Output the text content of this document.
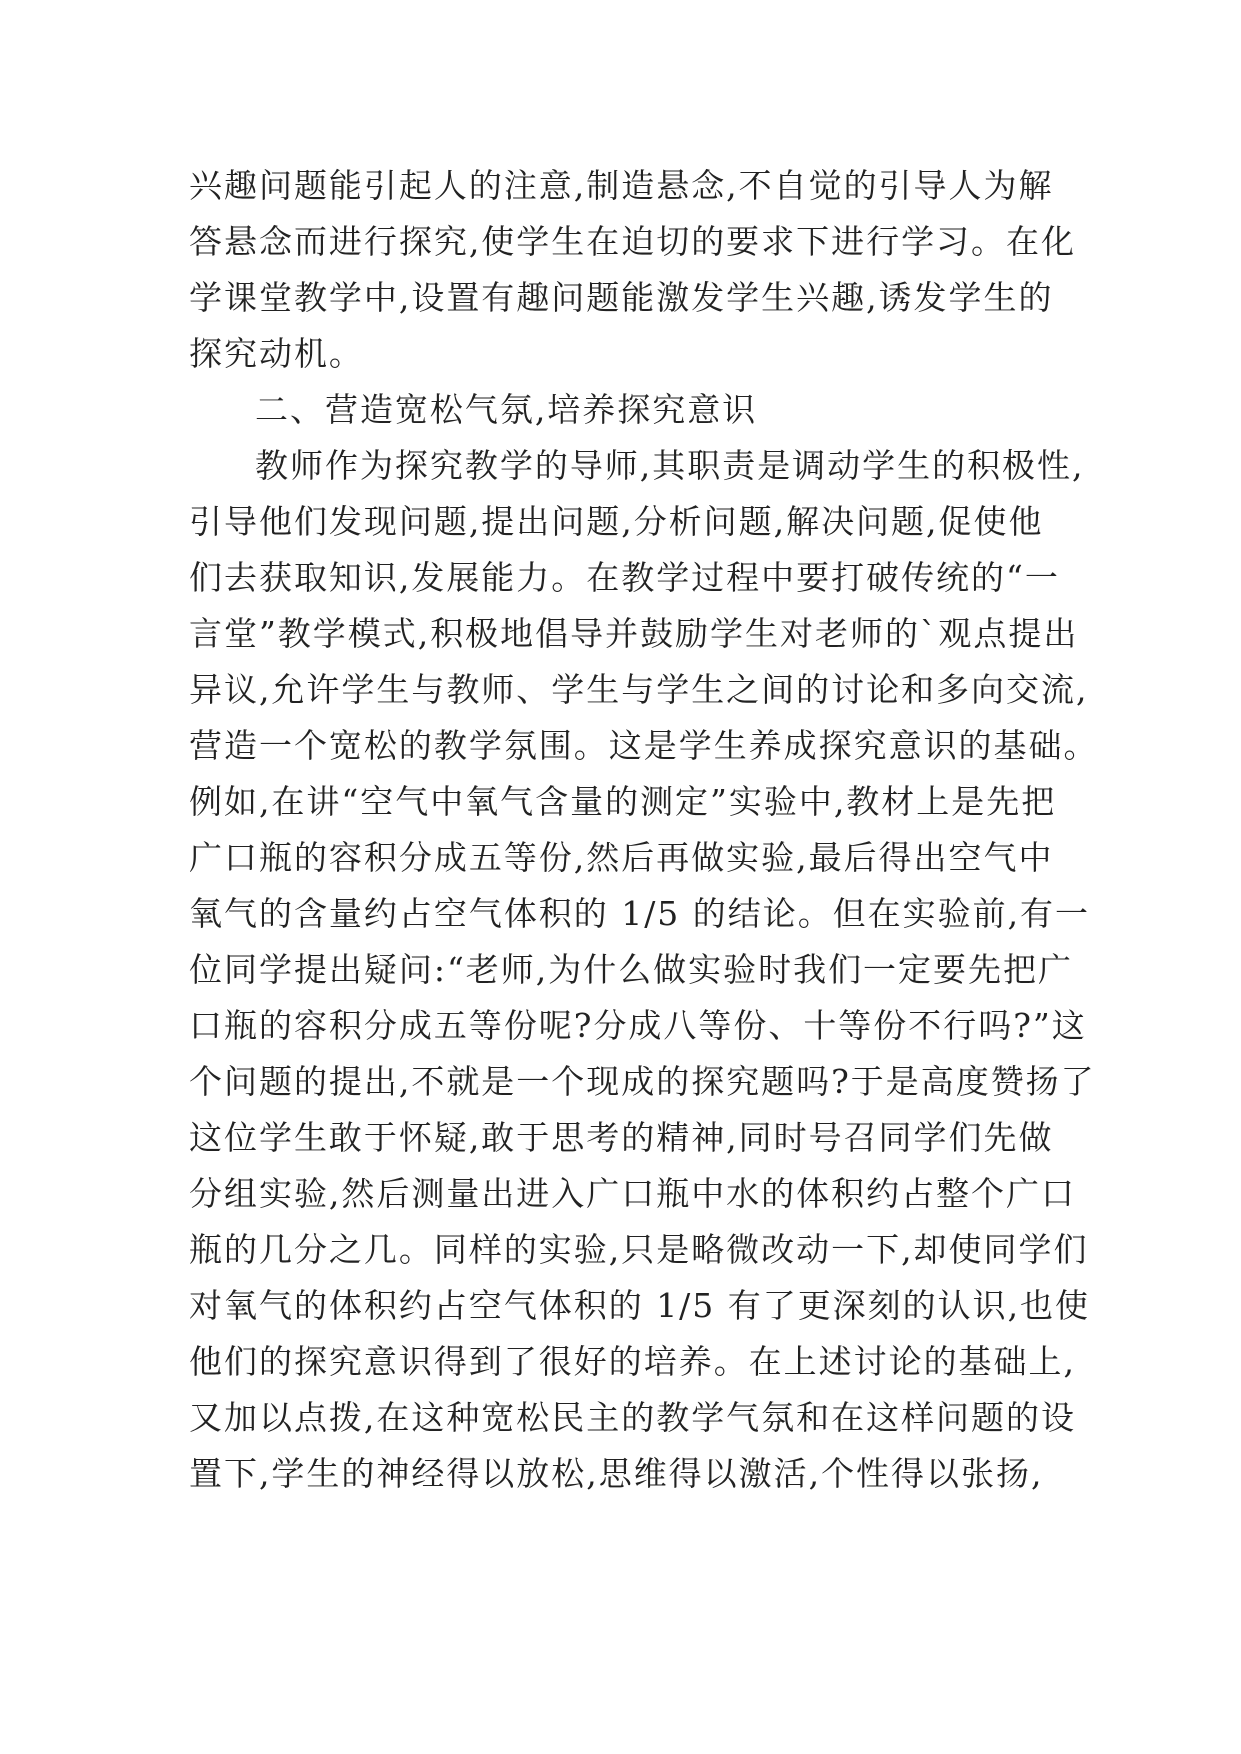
兴趣问题能引起人的注意,制造悬念,不自觉的引导人为解
答悬念而进行探究,使学生在迫切的要求下进行学习。在化
学课堂教学中,设置有趣问题能激发学生兴趣,诱发学生的
探究动机。
二、营造宽松气氛,培养探究意识
教师作为探究教学的导师,其职责是调动学生的积极性,
引导他们发现问题,提出问题,分析问题,解决问题,促使他
们去获取知识,发展能力。在教学过程中要打破传统的“一
言堂”教学模式,积极地倡导并鼓励学生对老师的`观点提出
异议,允许学生与教师、学生与学生之间的讨论和多向交流,
营造一个宽松的教学氛围。这是学生养成探究意识的基础。
例如,在讲“空气中氧气含量的测定”实验中,教材上是先把
广口瓶的容积分成五等份,然后再做实验,最后得出空气中
氧气的含量约占空气体积的 1/5 的结论。但在实验前,有一
位同学提出疑问:“老师,为什么做实验时我们一定要先把广
口瓶的容积分成五等份呢?分成八等份、十等份不行吗?”这
个问题的提出,不就是一个现成的探究题吗?于是高度赞扬了
这位学生敢于怀疑,敢于思考的精神,同时号召同学们先做
分组实验,然后测量出进入广口瓶中水的体积约占整个广口
瓶的几分之几。同样的实验,只是略微改动一下,却使同学们
对氧气的体积约占空气体积的 1/5 有了更深刻的认识,也使
他们的探究意识得到了很好的培养。在上述讨论的基础上,
又加以点拨,在这种宽松民主的教学气氛和在这样问题的设
置下,学生的神经得以放松,思维得以激活,个性得以张扬,
